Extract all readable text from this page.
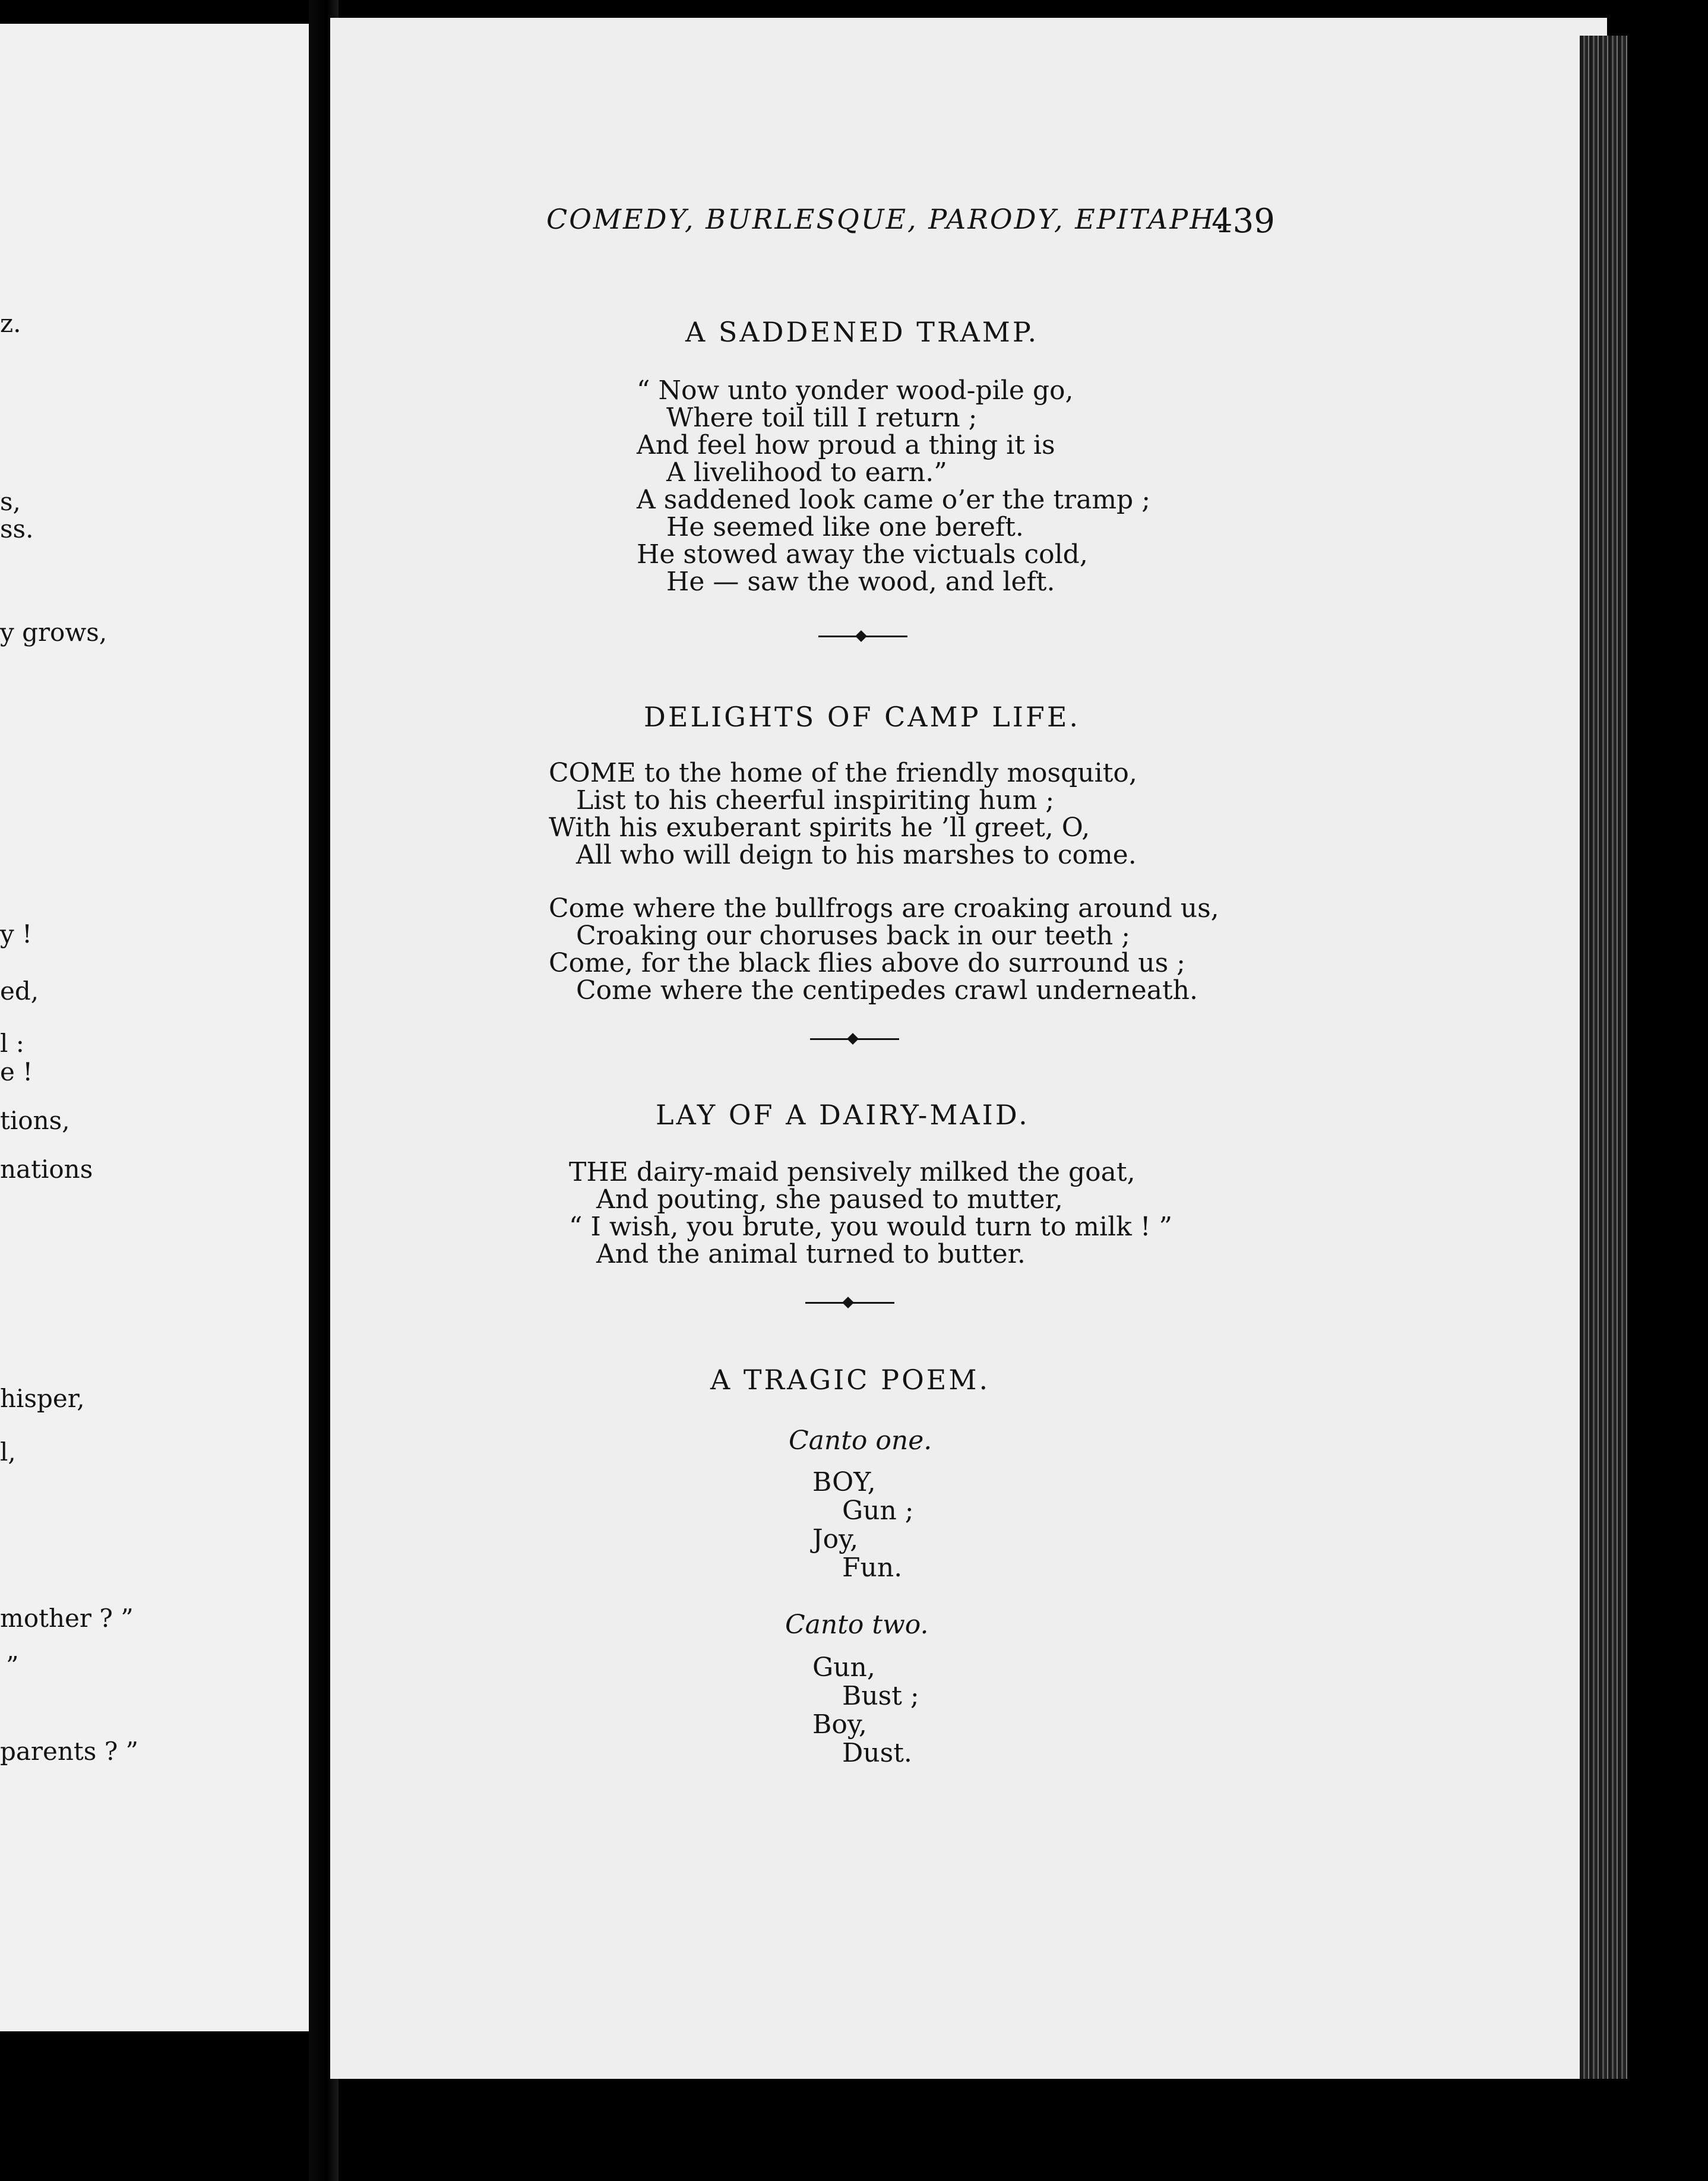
z.
s,
ss.
y grows,
y !
ed,
l :
e !
tions,
nations
hisper,
l,
mother ? ”
”
parents ? ”
COMEDY, BURLESQUE, PARODY, EPITAPH.
439
A SADDENED TRAMP.
“ Now unto yonder wood-pile go,
Where toil till I return ;
And feel how proud a thing it is
A livelihood to earn.”
A saddened look came o’er the tramp ;
He seemed like one bereft.
He stowed away the victuals cold,
He — saw the wood, and left.
DELIGHTS OF CAMP LIFE.
COME to the home of the friendly mosquito,
List to his cheerful inspiriting hum ;
With his exuberant spirits he ’ll greet, O,
All who will deign to his marshes to come.
Come where the bullfrogs are croaking around us,
Croaking our choruses back in our teeth ;
Come, for the black flies above do surround us ;
Come where the centipedes crawl underneath.
LAY OF A DAIRY-MAID.
THE dairy-maid pensively milked the goat,
And pouting, she paused to mutter,
“ I wish, you brute, you would turn to milk ! ”
And the animal turned to butter.
A TRAGIC POEM.
Canto one.
BOY,
Gun ;
Joy,
Fun.
Canto two.
Gun,
Bust ;
Boy,
Dust.
